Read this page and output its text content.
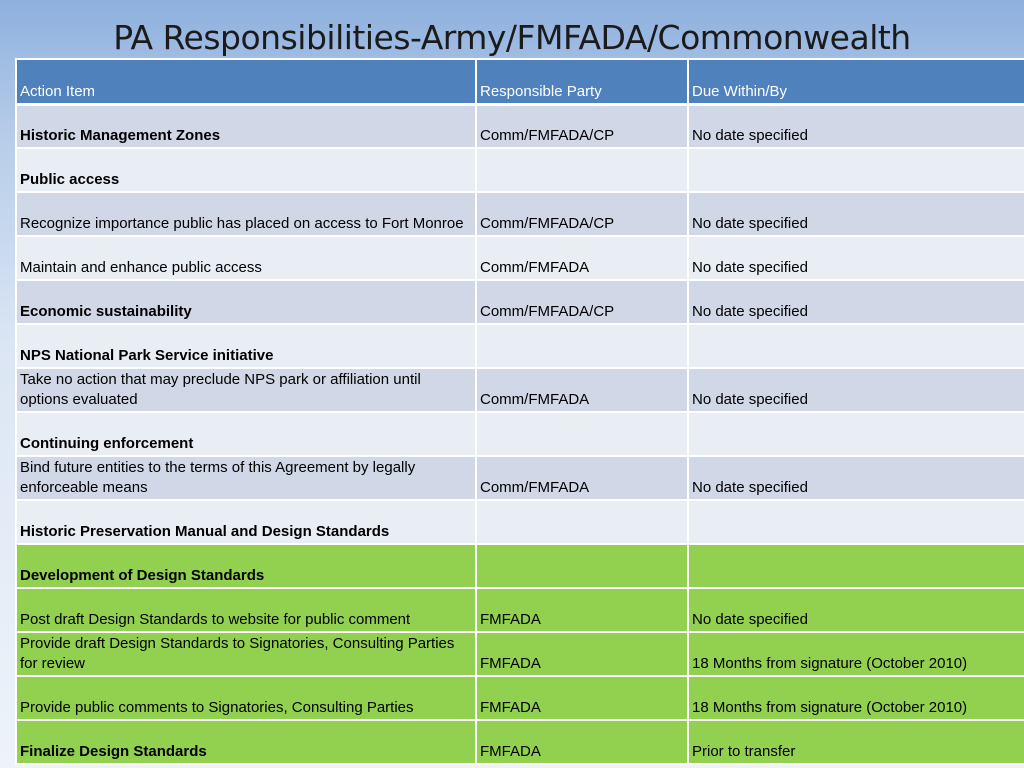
PA Responsibilities-Army/FMFADA/Commonwealth
Action Item	Responsible Party	Due Within/By
Historic Management Zones	Comm/FMFADA/CP	No date specified
Public access		
Recognize importance public has placed on access to Fort Monroe	Comm/FMFADA/CP	No date specified
Maintain and enhance public access	Comm/FMFADA	No date specified
Economic sustainability	Comm/FMFADA/CP	No date specified
NPS National Park Service initiative		
Take no action that may preclude NPS park or affiliation until options evaluated	Comm/FMFADA	No date specified
Continuing enforcement		
Bind future entities to the terms of this Agreement by legally enforceable means	Comm/FMFADA	No date specified
Historic Preservation Manual and Design Standards		
Development of Design Standards		
Post draft Design Standards to website for public comment	FMFADA	No date specified
Provide draft Design Standards to Signatories, Consulting Parties for review	FMFADA	18 Months from signature (October 2010)
Provide public comments to Signatories, Consulting Parties	FMFADA	18 Months from signature (October 2010)
Finalize Design Standards	FMFADA	Prior to transfer
